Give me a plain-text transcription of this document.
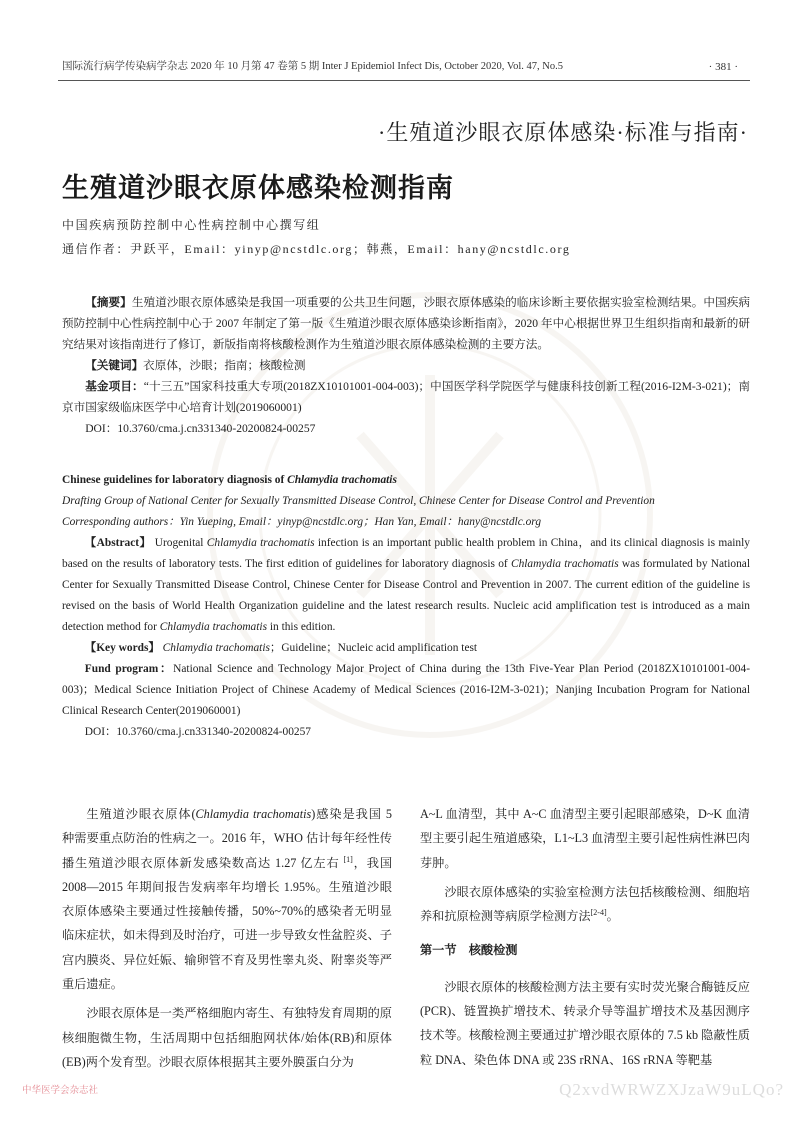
国际流行病学传染病学杂志 2020 年 10 月第 47 卷第 5 期 Inter J Epidemiol Infect Dis, October 2020, Vol. 47, No.5	· 381 ·
·生殖道沙眼衣原体感染·标准与指南·
生殖道沙眼衣原体感染检测指南
中国疾病预防控制中心性病控制中心撰写组
通信作者：尹跃平，Email：yinyp@ncstdlc.org；韩燕，Email：hany@ncstdlc.org

【摘要】生殖道沙眼衣原体感染是我国一项重要的公共卫生问题，沙眼衣原体感染的临床诊断主要依据实验室检测结果。中国疾病预防控制中心性病控制中心于 2007 年制定了第一版《生殖道沙眼衣原体感染诊断指南》，2020 年中心根据世界卫生组织指南和最新的研究结果对该指南进行了修订，新版指南将核酸检测作为生殖道沙眼衣原体感染检测的主要方法。

【关键词】衣原体，沙眼；指南；核酸检测

基金项目：“十三五”国家科技重大专项(2018ZX10101001-004-003)；中国医学科学院医学与健康科技创新工程(2016-I2M-3-021)；南京市国家级临床医学中心培育计划(2019060001)

DOI：10.3760/cma.j.cn331340-20200824-00257

Chinese guidelines for laboratory diagnosis of Chlamydia trachomatis

Drafting Group of National Center for Sexually Transmitted Disease Control, Chinese Center for Disease Control and Prevention

Corresponding authors：Yin Yueping, Email：yinyp@ncstdlc.org；Han Yan, Email：hany@ncstdlc.org

【Abstract】 Urogenital Chlamydia trachomatis infection is an important public health problem in China，and its clinical diagnosis is mainly based on the results of laboratory tests. The first edition of guidelines for laboratory diagnosis of Chlamydia trachomatis was formulated by National Center for Sexually Transmitted Disease Control, Chinese Center for Disease Control and Prevention in 2007. The current edition of the guideline is revised on the basis of World Health Organization guideline and the latest research results. Nucleic acid amplification test is introduced as a main detection method for Chlamydia trachomatis in this edition.

【Key words】 Chlamydia trachomatis；Guideline；Nucleic acid amplification test

Fund program：National Science and Technology Major Project of China during the 13th Five-Year Plan Period (2018ZX10101001-004-003)；Medical Science Initiation Project of Chinese Academy of Medical Sciences (2016-I2M-3-021)；Nanjing Incubation Program for National Clinical Research Center(2019060001)

DOI：10.3760/cma.j.cn331340-20200824-00257

生殖道沙眼衣原体(Chlamydia trachomatis)感染是我国 5 种需要重点防治的性病之一。2016 年，WHO 估计每年经性传播生殖道沙眼衣原体新发感染数高达 1.27 亿左右 [1]，我国 2008—2015 年期间报告发病率年均增长 1.95%。生殖道沙眼衣原体感染主要通过性接触传播，50%~70%的感染者无明显临床症状，如未得到及时治疗，可进一步导致女性盆腔炎、子宫内膜炎、异位妊娠、输卵管不育及男性睾丸炎、附睾炎等严重后遗症。

沙眼衣原体是一类严格细胞内寄生、有独特发育周期的原核细胞微生物，生活周期中包括细胞网状体/始体(RB)和原体(EB)两个发育型。沙眼衣原体根据其主要外膜蛋白分为

A~L 血清型，其中 A~C 血清型主要引起眼部感染，D~K 血清型主要引起生殖道感染，L1~L3 血清型主要引起性病性淋巴肉芽肿。

沙眼衣原体感染的实验室检测方法包括核酸检测、细胞培养和抗原检测等病原学检测方法[2-4]。

第一节　核酸检测

沙眼衣原体的核酸检测方法主要有实时荧光聚合酶链反应(PCR)、链置换扩增技术、转录介导等温扩增技术及基因测序技术等。核酸检测主要通过扩增沙眼衣原体的 7.5 kb 隐蔽性质粒 DNA、染色体 DNA 或 23S rRNA、16S rRNA 等靶基

中华医学会杂志社	Q2xvdWRWZXJzaW9uLQo?
